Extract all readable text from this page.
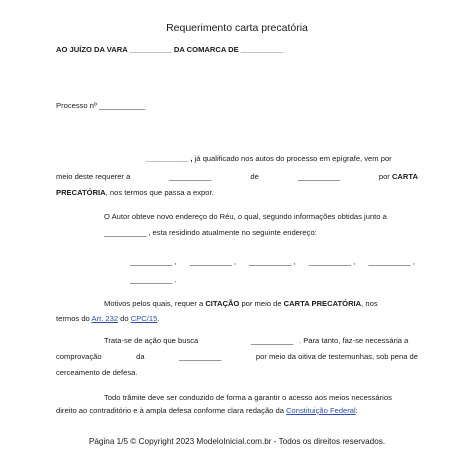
Requerimento carta precatória
AO JUÍZO DA VARA __________ DA COMARCA DE __________
Processo nº ___________
__________ , já qualificado nos autos do processo em epígrafe, vem por
meio deste requerer a	__________	de	__________	por CARTA
PRECATÓRIA, nos termos que passa a expor.
O Autor obteve novo endereço do Réu, o qual, segundo informações obtidas junto a
__________ , esta residindo atualmente no seguinte endereço:
__________ , __________ , __________ , __________ , __________ ,
__________ .
Motivos pelos quais, requer a CITAÇÃO por meio de CARTA PRECATÓRIA, nos
termos do Art. 232 do CPC/15.
Trata-se de ação que busca	__________ . Para tanto, faz-se necessária a
comprovação	da	__________	por meio da oitiva de testemunhas, sob pena de
cerceamento de defesa.
Todo trâmite deve ser conduzido de forma a garantir o acesso aos meios necessários
direito ao contraditório e à ampla defesa conforme clara redação da Constituição Federal:
Página 1/5 © Copyright 2023 ModeloInicial.com.br - Todos os direitos reservados.
